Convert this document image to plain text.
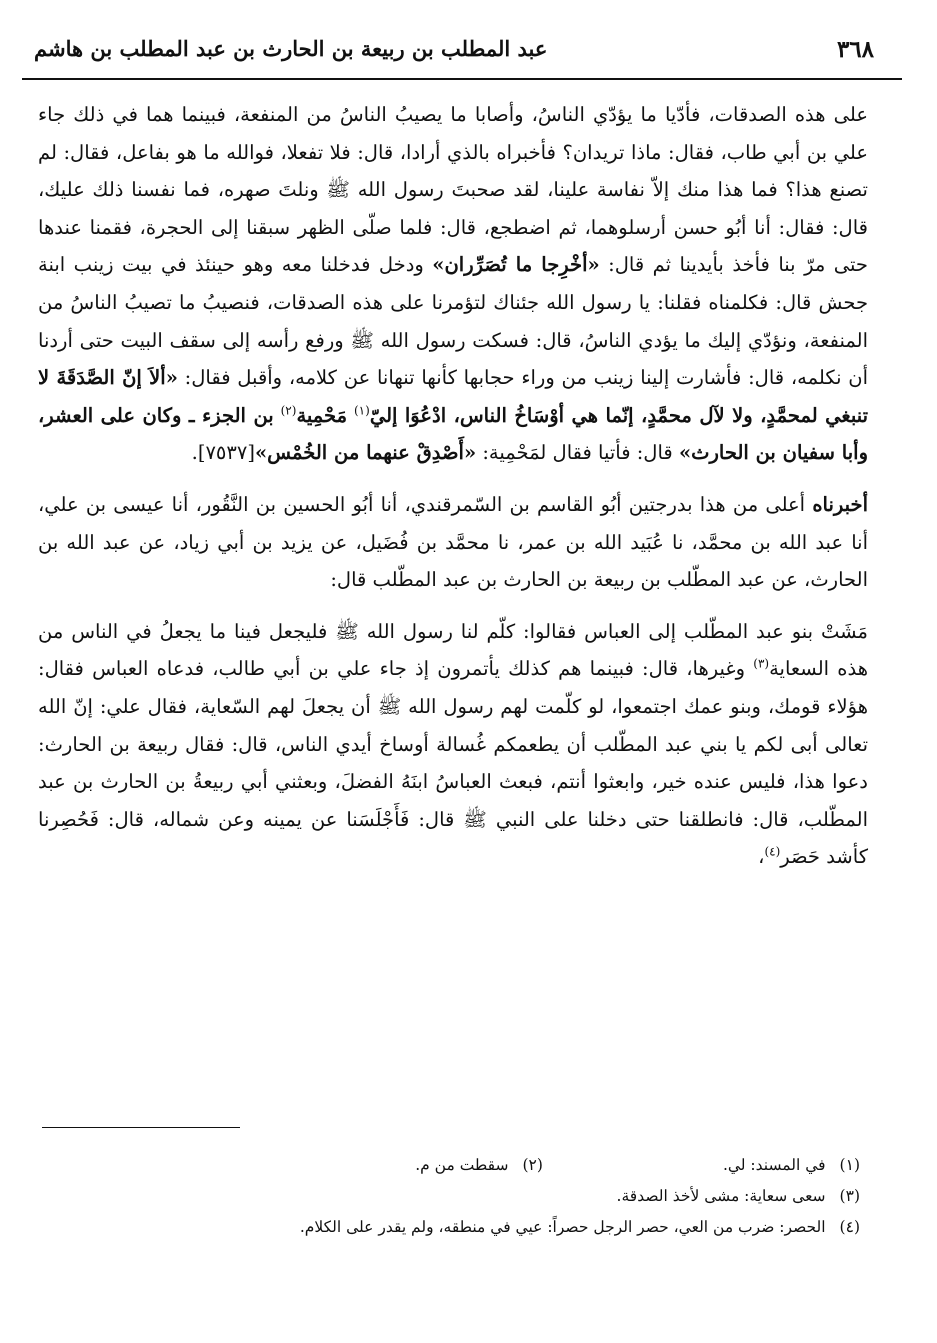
٣٦٨
عبد المطلب بن ربيعة بن الحارث بن عبد المطلب بن هاشم

على هذه الصدقات، فأدّيا ما يؤدّي الناسُ، وأصابا ما يصيبُ الناسُ من المنفعة، فبينما هما في ذلك جاء علي بن أبي طاب، فقال: ماذا تريدان؟ فأخبراه بالذي أرادا، قال: فلا تفعلا، فوالله ما هو بفاعل، فقال: لم تصنع هذا؟ فما هذا منك إلاّ نفاسة علينا، لقد صحبتَ رسول الله ﷺ ونلتَ صهره، فما نفسنا ذلك عليك، قال: فقال: أنا أبُو حسن أرسلوهما، ثم اضطجع، قال: فلما صلّى الظهر سبقنا إلى الحجرة، فقمنا عندها حتى مرّ بنا فأخذ بأيدينا ثم قال: «أخْرِجا ما تُصَرِّران» ودخل فدخلنا معه وهو حينئذ في بيت زينب ابنة جحش قال: فكلمناه فقلنا: يا رسول الله جئناك لتؤمرنا على هذه الصدقات، فنصيبُ ما تصيبُ الناسُ من المنفعة، ونؤدّي إليك ما يؤدي الناسُ، قال: فسكت رسول الله ﷺ ورفع رأسه إلى سقف البيت حتى أردنا أن نكلمه، قال: فأشارت إلينا زينب من وراء حجابها كأنها تنهانا عن كلامه، وأقبل فقال: «ألاَ إنّ الصَّدَقَةَ لا تنبغي لمحمَّدٍ، ولا لآل محمَّدٍ، إنّما هي أوْسَاخُ الناس، ادْعُوَا إليّ$^{(١)}$ مَحْمِية$^{(٢)}$ بن الجزء ـ وكان على العشر، وأبا سفيان بن الحارث» قال: فأتيا فقال لمَحْمِية: «أَصْدِقْ عنهما من الخُمْس»[٧٥٣٧].

أخبرناه أعلى من هذا بدرجتين أبُو القاسم بن السّمرقندي، أنا أبُو الحسين بن النَّقُور، أنا عيسى بن علي، أنا عبد الله بن محمَّد، نا عُبَيد الله بن عمر، نا محمَّد بن فُضَيل، عن يزيد بن أبي زياد، عن عبد الله بن الحارث، عن عبد المطّلب بن ربيعة بن الحارث بن عبد المطّلب قال:

مَشَتْ بنو عبد المطّلب إلى العباس فقالوا: كلّم لنا رسول الله ﷺ فليجعل فينا ما يجعلُ في الناس من هذه السعاية$^{(٣)}$ وغيرها، قال: فبينما هم كذلك يأتمرون إذ جاء علي بن أبي طالب، فدعاه العباس فقال: هؤلاء قومك، وبنو عمك اجتمعوا، لو كلّمت لهم رسول الله ﷺ أن يجعلَ لهم السّعاية، فقال علي: إنّ الله تعالى أبى لكم يا بني عبد المطّلب أن يطعمكم غُسالة أوساخ أيدي الناس، قال: فقال ربيعة بن الحارث: دعوا هذا، فليس عنده خير، وابعثوا أنتم، فبعث العباسُ ابنَهُ الفضلَ، وبعثني أبي ربيعةُ بن الحارث بن عبد المطّلب، قال: فانطلقنا حتى دخلنا على النبي ﷺ قال: فَأَجْلَسَنا عن يمينه وعن شماله، قال: فَحُصِرنا كأشد حَصَر$^{(٤)}$،

(١)في المسند: لي.
(٢)سقطت من م.
(٣)سعى سعاية: مشى لأخذ الصدقة.
(٤)الحصر: ضرب من العي، حصر الرجل حصراً: عيي في منطقه، ولم يقدر على الكلام.
